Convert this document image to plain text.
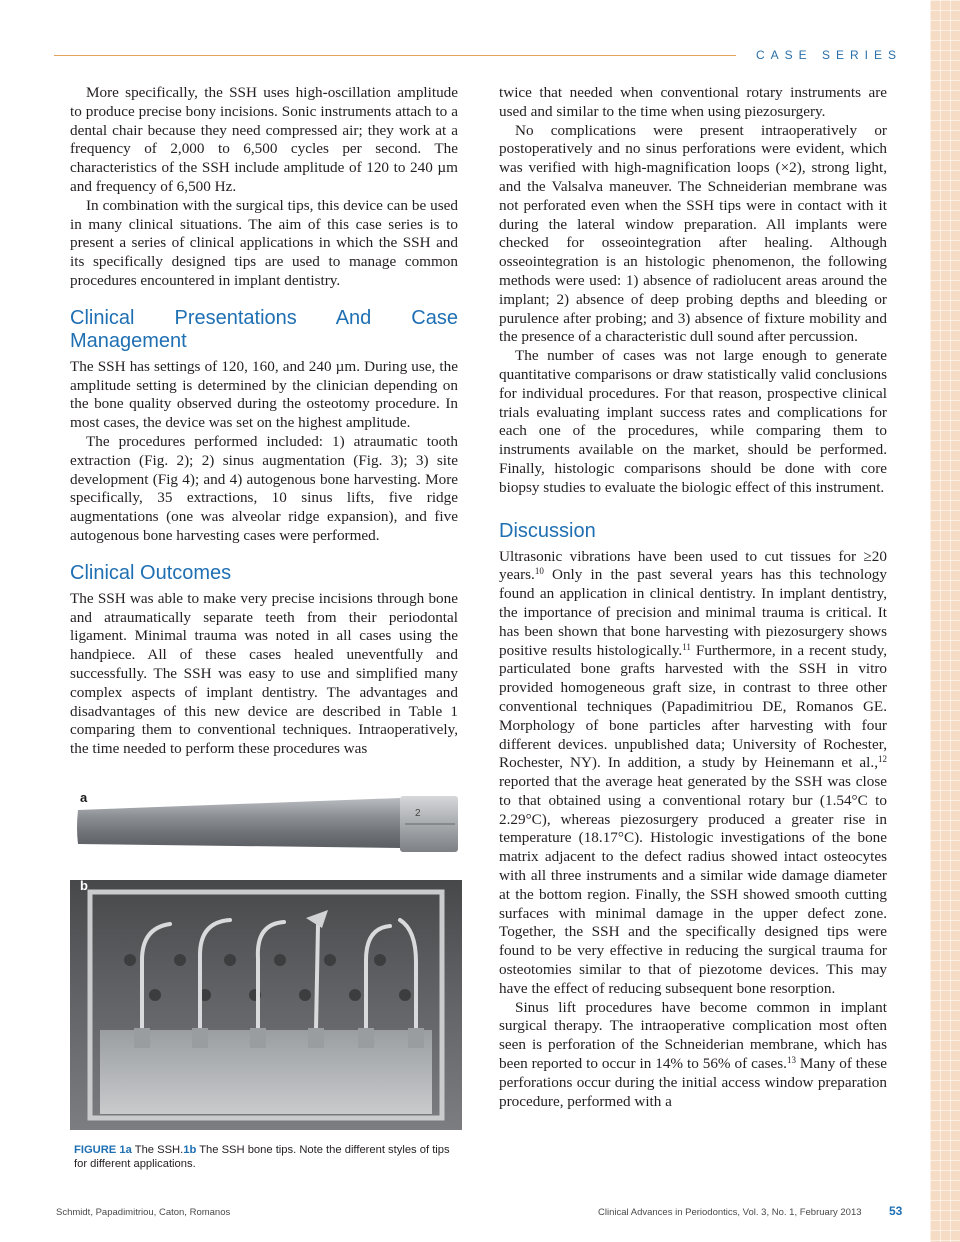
CASE SERIES

More specifically, the SSH uses high-oscillation amplitude to produce precise bony incisions. Sonic instruments attach to a dental chair because they need compressed air; they work at a frequency of 2,000 to 6,500 cycles per second. The characteristics of the SSH include amplitude of 120 to 240 µm and frequency of 6,500 Hz.

In combination with the surgical tips, this device can be used in many clinical situations. The aim of this case series is to present a series of clinical applications in which the SSH and its specifically designed tips are used to manage common procedures encountered in implant dentistry.

Clinical Presentations And Case Management

The SSH has settings of 120, 160, and 240 µm. During use, the amplitude setting is determined by the clinician depending on the bone quality observed during the osteotomy procedure. In most cases, the device was set on the highest amplitude.

The procedures performed included: 1) atraumatic tooth extraction (Fig. 2); 2) sinus augmentation (Fig. 3); 3) site development (Fig 4); and 4) autogenous bone harvesting. More specifically, 35 extractions, 10 sinus lifts, five ridge augmentations (one was alveolar ridge expansion), and five autogenous bone harvesting cases were performed.

Clinical Outcomes

The SSH was able to make very precise incisions through bone and atraumatically separate teeth from their periodontal ligament. Minimal trauma was noted in all cases using the handpiece. All of these cases healed uneventfully and successfully. The SSH was easy to use and simplified many complex aspects of implant dentistry. The advantages and disadvantages of this new device are described in Table 1 comparing them to conventional techniques. Intraoperatively, the time needed to perform these procedures was

a
2
b
FIGURE 1a The SSH.1b The SSH bone tips. Note the different styles of tips for different applications.

twice that needed when conventional rotary instruments are used and similar to the time when using piezosurgery.

No complications were present intraoperatively or postoperatively and no sinus perforations were evident, which was verified with high-magnification loops (×2), strong light, and the Valsalva maneuver. The Schneiderian membrane was not perforated even when the SSH tips were in contact with it during the lateral window preparation. All implants were checked for osseointegration after healing. Although osseointegration is an histologic phenomenon, the following methods were used: 1) absence of radiolucent areas around the implant; 2) absence of deep probing depths and bleeding or purulence after probing; and 3) absence of fixture mobility and the presence of a characteristic dull sound after percussion.

The number of cases was not large enough to generate quantitative comparisons or draw statistically valid conclusions for individual procedures. For that reason, prospective clinical trials evaluating implant success rates and complications for each one of the procedures, while comparing them to instruments available on the market, should be performed. Finally, histologic comparisons should be done with core biopsy studies to evaluate the biologic effect of this instrument.

Discussion

Ultrasonic vibrations have been used to cut tissues for ≥20 years.$^{10}$ Only in the past several years has this technology found an application in clinical dentistry. In implant dentistry, the importance of precision and minimal trauma is critical. It has been shown that bone harvesting with piezosurgery shows positive results histologically.$^{11}$ Furthermore, in a recent study, particulated bone grafts harvested with the SSH in vitro provided homogeneous graft size, in contrast to three other conventional techniques (Papadimitriou DE, Romanos GE. Morphology of bone particles after harvesting with four different devices. unpublished data; University of Rochester, Rochester, NY). In addition, a study by Heinemann et al.,$^{12}$ reported that the average heat generated by the SSH was close to that obtained using a conventional rotary bur (1.54°C to 2.29°C), whereas piezosurgery produced a greater rise in temperature (18.17°C). Histologic investigations of the bone matrix adjacent to the defect radius showed intact osteocytes with all three instruments and a similar wide damage diameter at the bottom region. Finally, the SSH showed smooth cutting surfaces with minimal damage in the upper defect zone. Together, the SSH and the specifically designed tips were found to be very effective in reducing the surgical trauma for osteotomies similar to that of piezotome devices. This may have the effect of reducing subsequent bone resorption.

Sinus lift procedures have become common in implant surgical therapy. The intraoperative complication most often seen is perforation of the Schneiderian membrane, which has been reported to occur in 14% to 56% of cases.$^{13}$ Many of these perforations occur during the initial access window preparation procedure, performed with a

Schmidt, Papadimitriou, Caton, Romanos	Clinical Advances in Periodontics, Vol. 3, No. 1, February 2013 53
